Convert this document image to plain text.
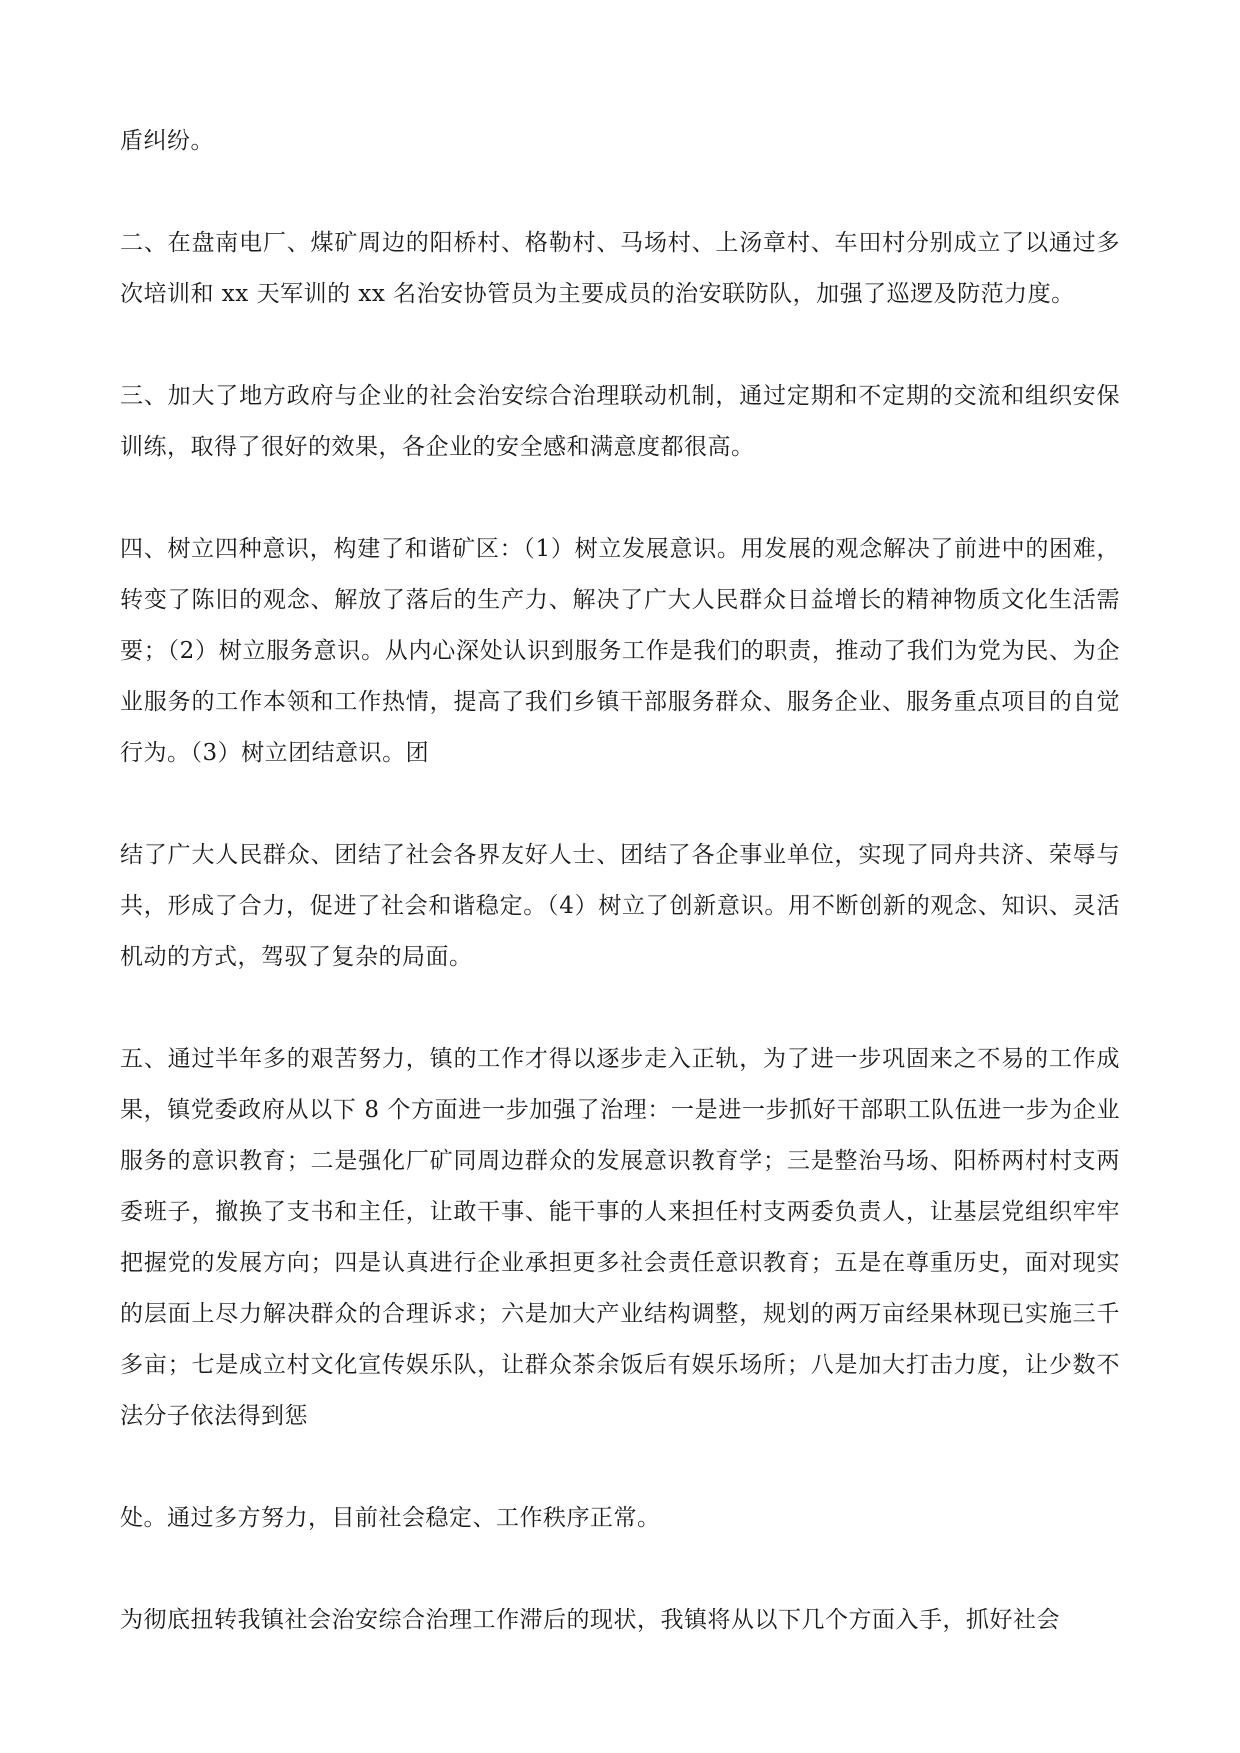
盾纠纷。

二、在盘南电厂、煤矿周边的阳桥村、格勒村、马场村、上汤章村、车田村分别成立了以通过多次培训和 xx 天军训的 xx 名治安协管员为主要成员的治安联防队，加强了巡逻及防范力度。

三、加大了地方政府与企业的社会治安综合治理联动机制，通过定期和不定期的交流和组织安保训练，取得了很好的效果，各企业的安全感和满意度都很高。

四、树立四种意识，构建了和谐矿区：（1）树立发展意识。用发展的观念解决了前进中的困难，转变了陈旧的观念、解放了落后的生产力、解决了广大人民群众日益增长的精神物质文化生活需要；（2）树立服务意识。从内心深处认识到服务工作是我们的职责，推动了我们为党为民、为企业服务的工作本领和工作热情，提高了我们乡镇干部服务群众、服务企业、服务重点项目的自觉行为。（3）树立团结意识。团

结了广大人民群众、团结了社会各界友好人士、团结了各企事业单位，实现了同舟共济、荣辱与共，形成了合力，促进了社会和谐稳定。（4）树立了创新意识。用不断创新的观念、知识、灵活机动的方式，驾驭了复杂的局面。

五、通过半年多的艰苦努力，镇的工作才得以逐步走入正轨，为了进一步巩固来之不易的工作成果，镇党委政府从以下 8 个方面进一步加强了治理：一是进一步抓好干部职工队伍进一步为企业服务的意识教育；二是强化厂矿同周边群众的发展意识教育学；三是整治马场、阳桥两村村支两委班子，撤换了支书和主任，让敢干事、能干事的人来担任村支两委负责人，让基层党组织牢牢把握党的发展方向；四是认真进行企业承担更多社会责任意识教育；五是在尊重历史，面对现实的层面上尽力解决群众的合理诉求；六是加大产业结构调整，规划的两万亩经果林现已实施三千多亩；七是成立村文化宣传娱乐队，让群众茶余饭后有娱乐场所；八是加大打击力度，让少数不法分子依法得到惩

处。通过多方努力，目前社会稳定、工作秩序正常。

为彻底扭转我镇社会治安综合治理工作滞后的现状，我镇将从以下几个方面入手，抓好社会
